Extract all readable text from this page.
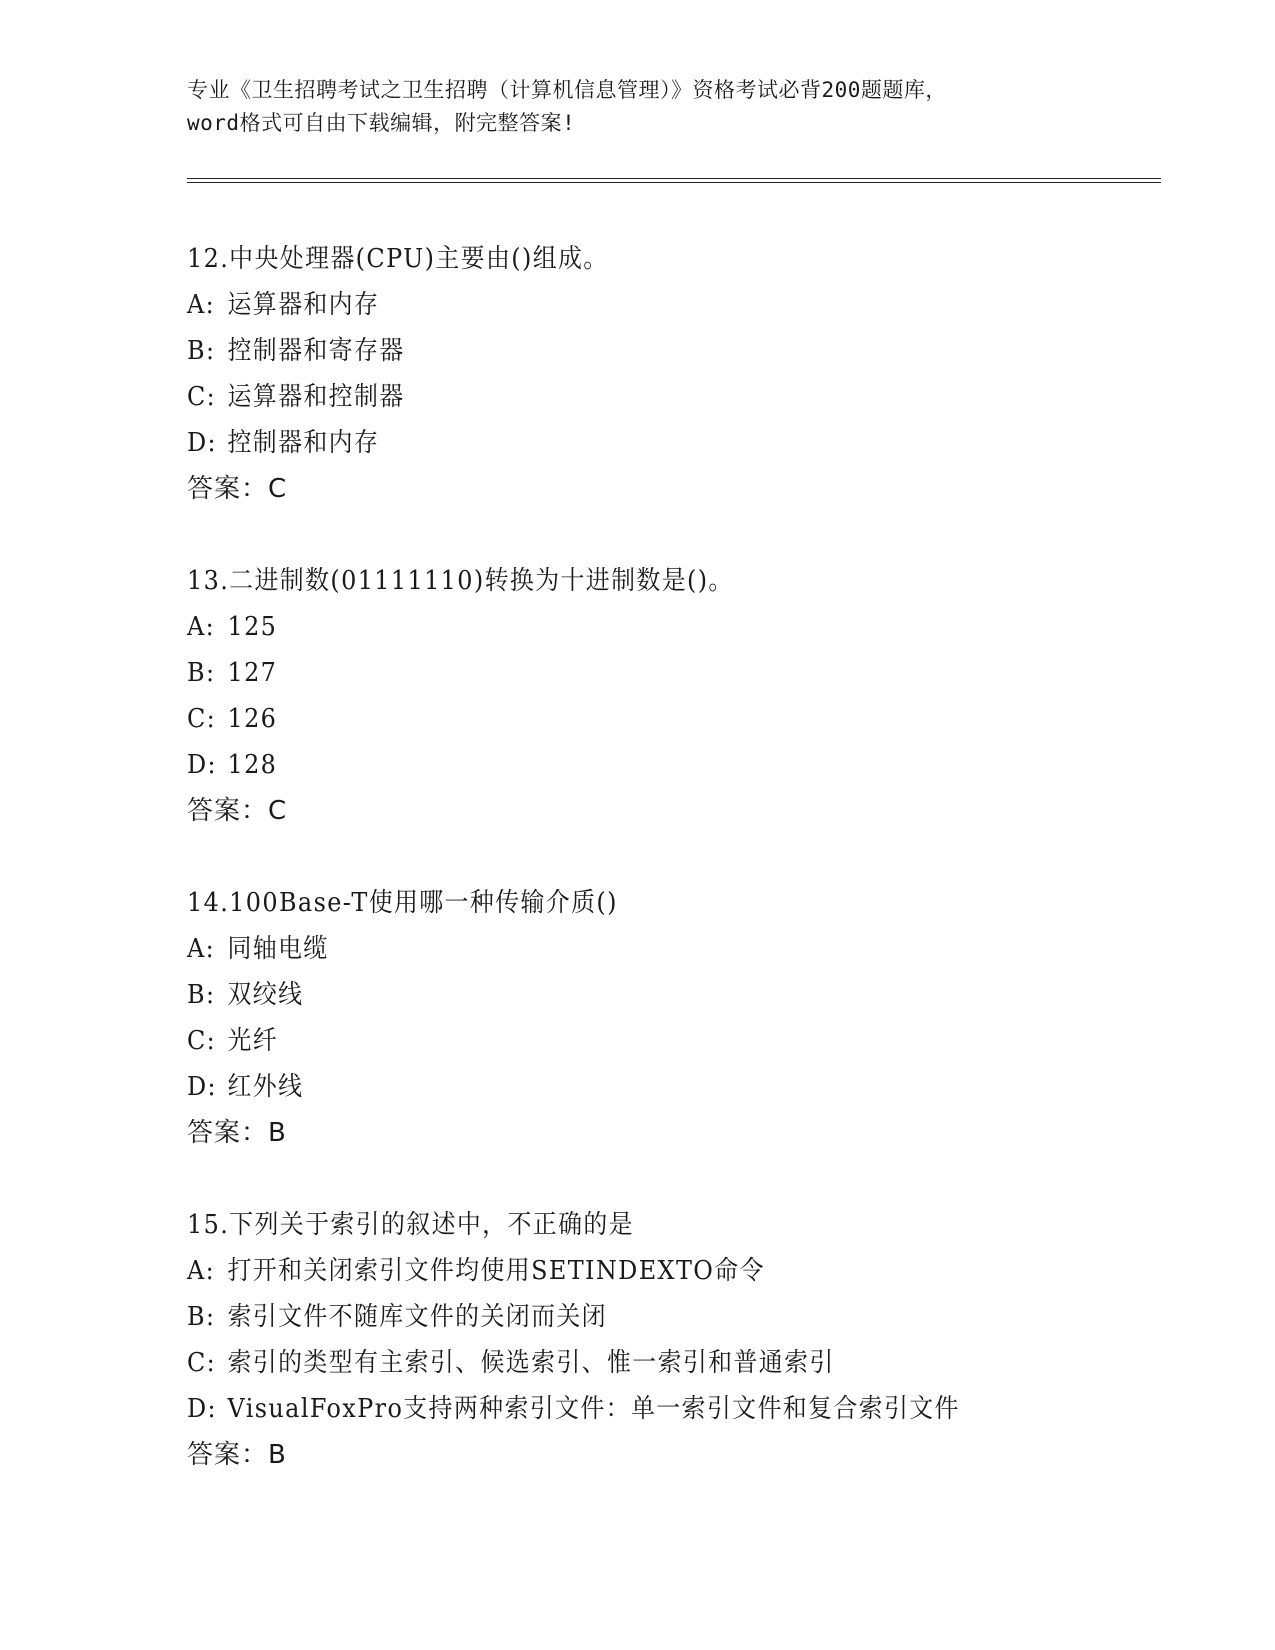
专业《卫生招聘考试之卫生招聘（计算机信息管理）》资格考试必背200题题库，
word格式可自由下载编辑，附完整答案!
12.中央处理器(CPU)主要由()组成。
A: 运算器和内存
B: 控制器和寄存器
C: 运算器和控制器
D: 控制器和内存
答案：C
13.二进制数(01111110)转换为十进制数是()。
A: 125
B: 127
C: 126
D: 128
答案：C
14.100Base-T使用哪一种传输介质()
A: 同轴电缆
B: 双绞线
C: 光纤
D: 红外线
答案：B
15.下列关于索引的叙述中，不正确的是
A: 打开和关闭索引文件均使用SETINDEXTO命令
B: 索引文件不随库文件的关闭而关闭
C: 索引的类型有主索引、候选索引、惟一索引和普通索引
D: VisualFoxPro支持两种索引文件：单一索引文件和复合索引文件
答案：B
